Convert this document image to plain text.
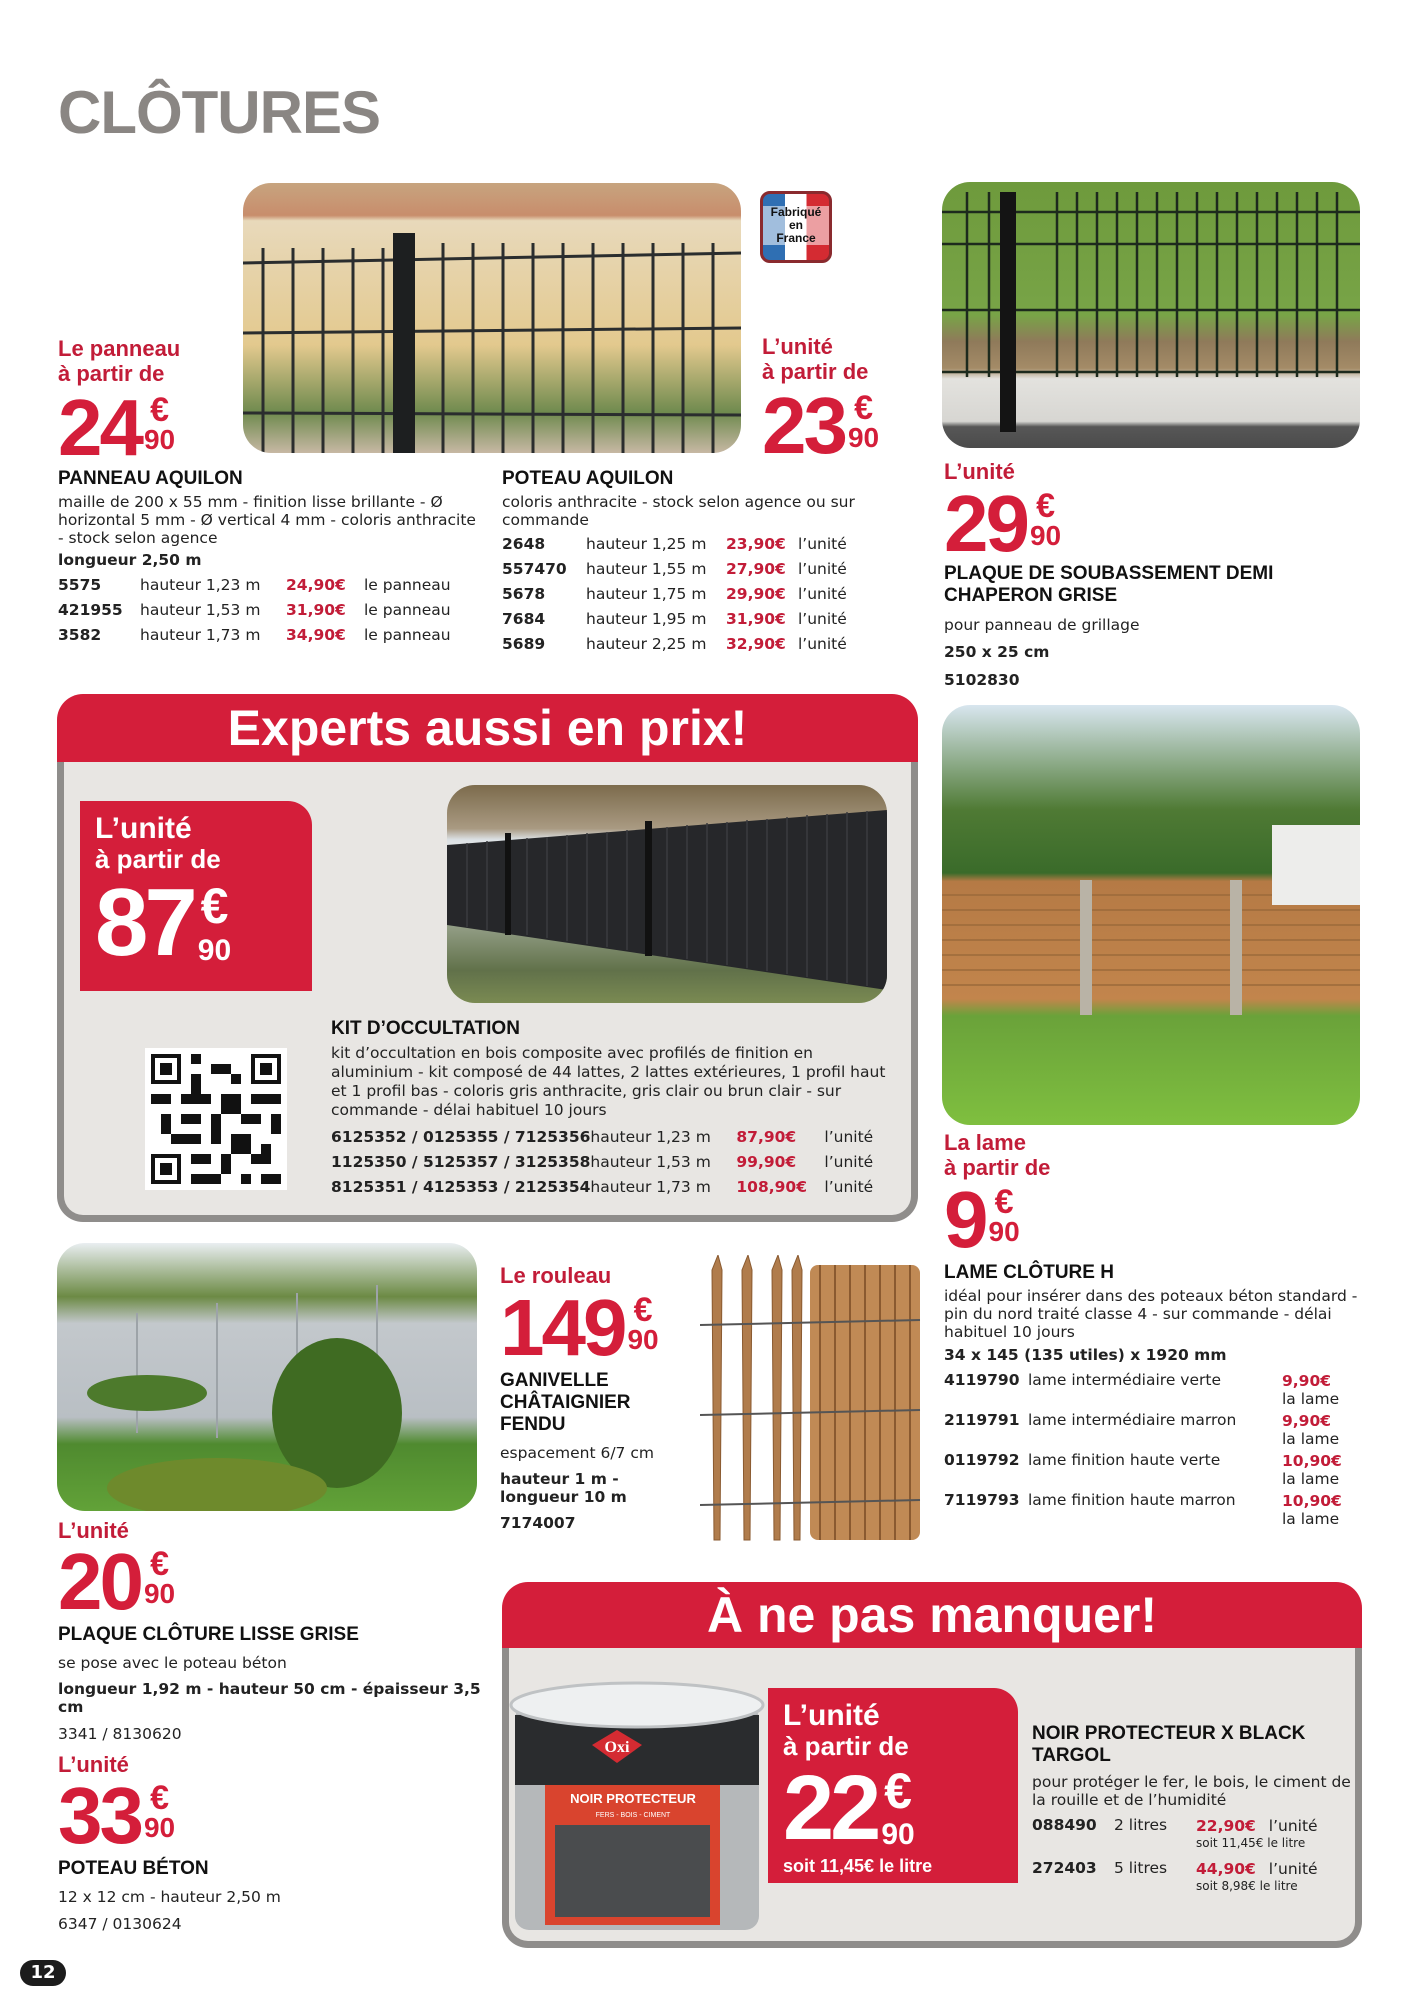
CLÔTURES
Fabriqué
en
France
Le panneau
à partir de
24 €
90
L’unité
à partir de
23 €
90
PANNEAU AQUILON
maille de 200 x 55 mm - finition lisse brillante - Ø horizontal 5 mm - Ø vertical 4 mm - coloris anthracite - stock selon agence
longueur 2,50 m
5575	hauteur 1,23 m	24,90€	le panneau
421955	hauteur 1,53 m	31,90€	le panneau
3582	hauteur 1,73 m	34,90€	le panneau
POTEAU AQUILON
coloris anthracite - stock selon agence ou sur commande
2648	hauteur 1,25 m	23,90€	l’unité
557470	hauteur 1,55 m	27,90€	l’unité
5678	hauteur 1,75 m	29,90€	l’unité
7684	hauteur 1,95 m	31,90€	l’unité
5689	hauteur 2,25 m	32,90€	l’unité
L’unité
29 €
90
PLAQUE DE SOUBASSEMENT DEMI CHAPERON GRISE
pour panneau de grillage
250 x 25 cm
5102830
Experts aussi en prix!
L’unité
à partir de
87 €
90
KIT D’OCCULTATION
kit d’occultation en bois composite avec profilés de finition en aluminium - kit composé de 44 lattes, 2 lattes extérieures, 1 profil haut et 1 profil bas - coloris gris anthracite, gris clair ou brun clair - sur commande - délai habituel 10 jours
6125352 / 0125355 / 7125356	hauteur 1,23 m	87,90€	l’unité
1125350 / 5125357 / 3125358	hauteur 1,53 m	99,90€	l’unité
8125351 / 4125353 / 2125354	hauteur 1,73 m	108,90€	l’unité
La lame
à partir de
9 €
90
LAME CLÔTURE H
idéal pour insérer dans des poteaux béton standard - pin du nord traité classe 4 - sur commande - délai habituel 10 jours
34 x 145 (135 utiles) x 1920 mm
4119790	lame intermédiaire verte	9,90€
la lame

2119791	lame intermédiaire marron	9,90€
la lame

0119792	lame finition haute verte	10,90€
la lame

7119793	lame finition haute marron	10,90€
la lame
Le rouleau
149 €
90
GANIVELLE
CHÂTAIGNIER
FENDU
espacement 6/7 cm
hauteur 1 m - longueur 10 m
7174007
L’unité
20 €
90
PLAQUE CLÔTURE LISSE GRISE
se pose avec le poteau béton
longueur 1,92 m - hauteur 50 cm - épaisseur 3,5 cm
3341 / 8130620
L’unité
33 €
90
POTEAU BÉTON
12 x 12 cm - hauteur 2,50 m
6347 / 0130624
À ne pas manquer!
Oxi
NOIR PROTECTEUR
FERS - BOIS - CIMENT
L’unité
à partir de
22 €
90
soit 11,45€ le litre
NOIR PROTECTEUR X BLACK TARGOL
pour protéger le fer, le bois, le ciment de la rouille et de l’humidité
088490	2 litres	22,90€ l’unité
soit 11,45€ le litre

272403	5 litres	44,90€ l’unité
soit 8,98€ le litre
12
